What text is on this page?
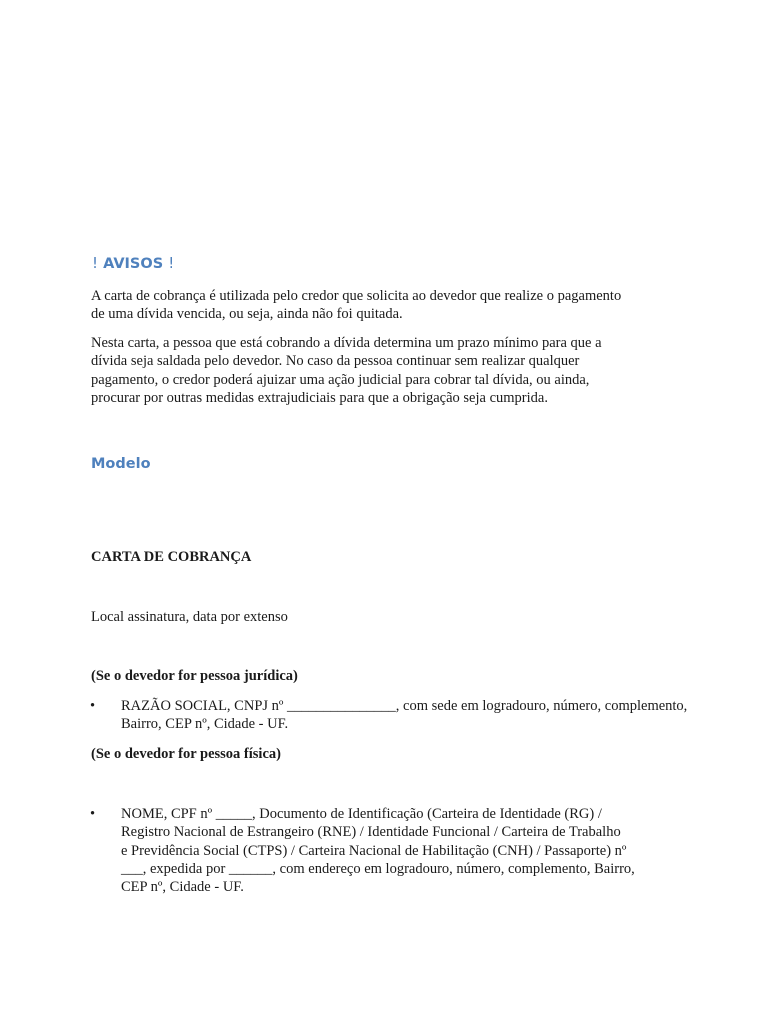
! AVISOS !

A carta de cobrança é utilizada pelo credor que solicita ao devedor que realize o pagamento
de uma dívida vencida, ou seja, ainda não foi quitada.

Nesta carta, a pessoa que está cobrando a dívida determina um prazo mínimo para que a
dívida seja saldada pelo devedor. No caso da pessoa continuar sem realizar qualquer
pagamento, o credor poderá ajuizar uma ação judicial para cobrar tal dívida, ou ainda,
procurar por outras medidas extrajudiciais para que a obrigação seja cumprida.

Modelo

CARTA DE COBRANÇA

Local assinatura, data por extenso

(Se o devedor for pessoa jurídica)

• RAZÃO SOCIAL, CNPJ nº _______________, com sede em logradouro, número, complemento,
Bairro, CEP nº, Cidade - UF.

(Se o devedor for pessoa física)

• NOME, CPF nº _____, Documento de Identificação (Carteira de Identidade (RG) /
Registro Nacional de Estrangeiro (RNE) / Identidade Funcional / Carteira de Trabalho
e Previdência Social (CTPS) / Carteira Nacional de Habilitação (CNH) / Passaporte) nº
___, expedida por ______, com endereço em logradouro, número, complemento, Bairro,
CEP nº, Cidade - UF.
